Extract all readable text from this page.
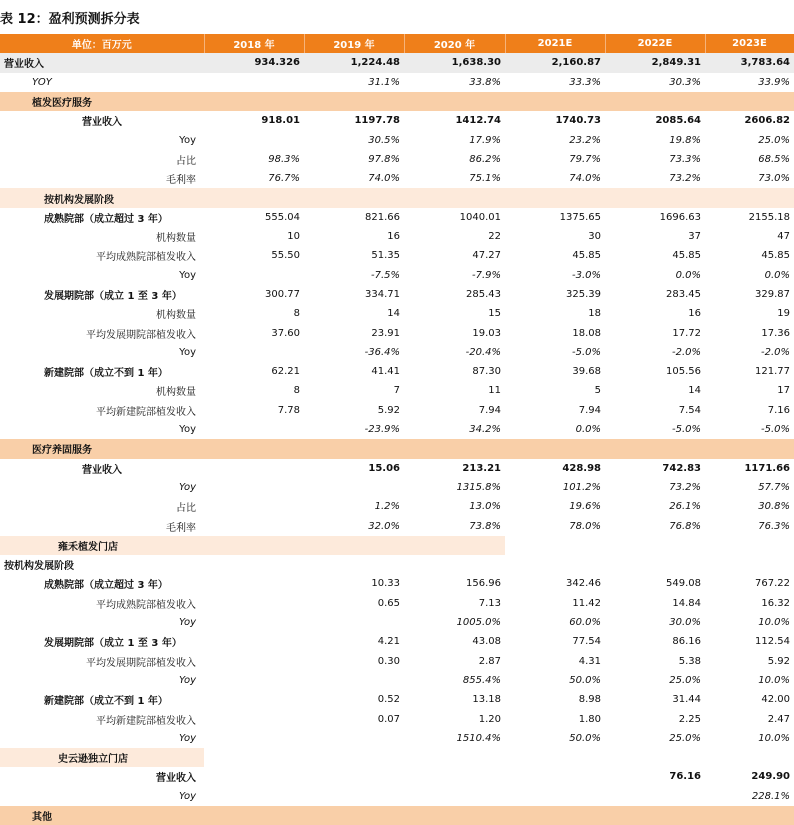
表 12：盈利预测拆分表
单位：百万元	2018 年	2019 年	2020 年	2021E	2022E	2023E
营业收入	934.326	1,224.48	1,638.30	2,160.87	2,849.31	3,783.64
YOY		31.1%	33.8%	33.3%	30.3%	33.9%
植发医疗服务						
营业收入	918.01	1197.78	1412.74	1740.73	2085.64	2606.82
Yoy		30.5%	17.9%	23.2%	19.8%	25.0%
占比	98.3%	97.8%	86.2%	79.7%	73.3%	68.5%
毛利率	76.7%	74.0%	75.1%	74.0%	73.2%	73.0%
按机构发展阶段						
成熟院部（成立超过 3 年）	555.04	821.66	1040.01	1375.65	1696.63	2155.18
机构数量	10	16	22	30	37	47
平均成熟院部植发收入	55.50	51.35	47.27	45.85	45.85	45.85
Yoy		-7.5%	-7.9%	-3.0%	0.0%	0.0%
发展期院部（成立 1 至 3 年）	300.77	334.71	285.43	325.39	283.45	329.87
机构数量	8	14	15	18	16	19
平均发展期院部植发收入	37.60	23.91	19.03	18.08	17.72	17.36
Yoy		-36.4%	-20.4%	-5.0%	-2.0%	-2.0%
新建院部（成立不到 1 年）	62.21	41.41	87.30	39.68	105.56	121.77
机构数量	8	7	11	5	14	17
平均新建院部植发收入	7.78	5.92	7.94	7.94	7.54	7.16
Yoy		-23.9%	34.2%	0.0%	-5.0%	-5.0%
医疗养固服务						
营业收入		15.06	213.21	428.98	742.83	1171.66
Yoy			1315.8%	101.2%	73.2%	57.7%
占比		1.2%	13.0%	19.6%	26.1%	30.8%
毛利率		32.0%	73.8%	78.0%	76.8%	76.3%
雍禾植发门店						
按机构发展阶段						
成熟院部（成立超过 3 年）		10.33	156.96	342.46	549.08	767.22
平均成熟院部植发收入		0.65	7.13	11.42	14.84	16.32
Yoy			1005.0%	60.0%	30.0%	10.0%
发展期院部（成立 1 至 3 年）		4.21	43.08	77.54	86.16	112.54
平均发展期院部植发收入		0.30	2.87	4.31	5.38	5.92
Yoy			855.4%	50.0%	25.0%	10.0%
新建院部（成立不到 1 年）		0.52	13.18	8.98	31.44	42.00
平均新建院部植发收入		0.07	1.20	1.80	2.25	2.47
Yoy			1510.4%	50.0%	25.0%	10.0%
史云逊独立门店						
营业收入					76.16	249.90
Yoy						228.1%
其他						
